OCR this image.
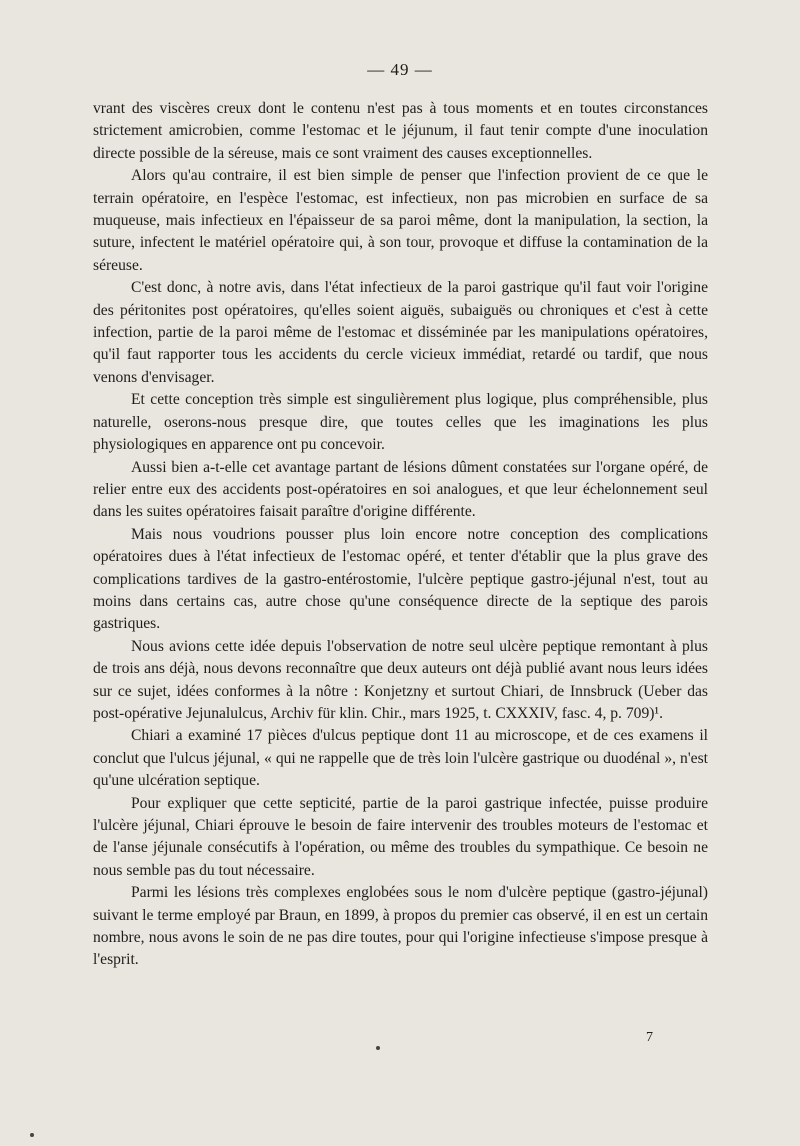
— 49 —

vrant des viscères creux dont le contenu n'est pas à tous moments et en toutes circonstances strictement amicrobien, comme l'estomac et le jéjunum, il faut tenir compte d'une inoculation directe possible de la séreuse, mais ce sont vraiment des causes exceptionnelles.

Alors qu'au contraire, il est bien simple de penser que l'infection provient de ce que le terrain opératoire, en l'espèce l'estomac, est infectieux, non pas microbien en surface de sa muqueuse, mais infectieux en l'épaisseur de sa paroi même, dont la manipulation, la section, la suture, infectent le matériel opératoire qui, à son tour, provoque et diffuse la contamination de la séreuse.

C'est donc, à notre avis, dans l'état infectieux de la paroi gastrique qu'il faut voir l'origine des péritonites post opératoires, qu'elles soient aiguës, subaiguës ou chroniques et c'est à cette infection, partie de la paroi même de l'estomac et disséminée par les manipulations opératoires, qu'il faut rapporter tous les accidents du cercle vicieux immédiat, retardé ou tardif, que nous venons d'envisager.

Et cette conception très simple est singulièrement plus logique, plus compréhensible, plus naturelle, oserons-nous presque dire, que toutes celles que les imaginations les plus physiologiques en apparence ont pu concevoir.

Aussi bien a-t-elle cet avantage partant de lésions dûment constatées sur l'organe opéré, de relier entre eux des accidents post-opératoires en soi analogues, et que leur échelonnement seul dans les suites opératoires faisait paraître d'origine différente.

Mais nous voudrions pousser plus loin encore notre conception des complications opératoires dues à l'état infectieux de l'estomac opéré, et tenter d'établir que la plus grave des complications tardives de la gastro-entérostomie, l'ulcère peptique gastro-jéjunal n'est, tout au moins dans certains cas, autre chose qu'une conséquence directe de la septique des parois gastriques.

Nous avions cette idée depuis l'observation de notre seul ulcère peptique remontant à plus de trois ans déjà, nous devons reconnaître que deux auteurs ont déjà publié avant nous leurs idées sur ce sujet, idées conformes à la nôtre : Konjetzny et surtout Chiari, de Innsbruck (Ueber das post-opérative Jejunalulcus, Archiv für klin. Chir., mars 1925, t. CXXXIV, fasc. 4, p. 709)¹.

Chiari a examiné 17 pièces d'ulcus peptique dont 11 au microscope, et de ces examens il conclut que l'ulcus jéjunal, « qui ne rappelle que de très loin l'ulcère gastrique ou duodénal », n'est qu'une ulcération septique.

Pour expliquer que cette septicité, partie de la paroi gastrique infectée, puisse produire l'ulcère jéjunal, Chiari éprouve le besoin de faire intervenir des troubles moteurs de l'estomac et de l'anse jéjunale consécutifs à l'opération, ou même des troubles du sympathique. Ce besoin ne nous semble pas du tout nécessaire.

Parmi les lésions très complexes englobées sous le nom d'ulcère peptique (gastro-jéjunal) suivant le terme employé par Braun, en 1899, à propos du premier cas observé, il en est un certain nombre, nous avons le soin de ne pas dire toutes, pour qui l'origine infectieuse s'impose presque à l'esprit.

7
